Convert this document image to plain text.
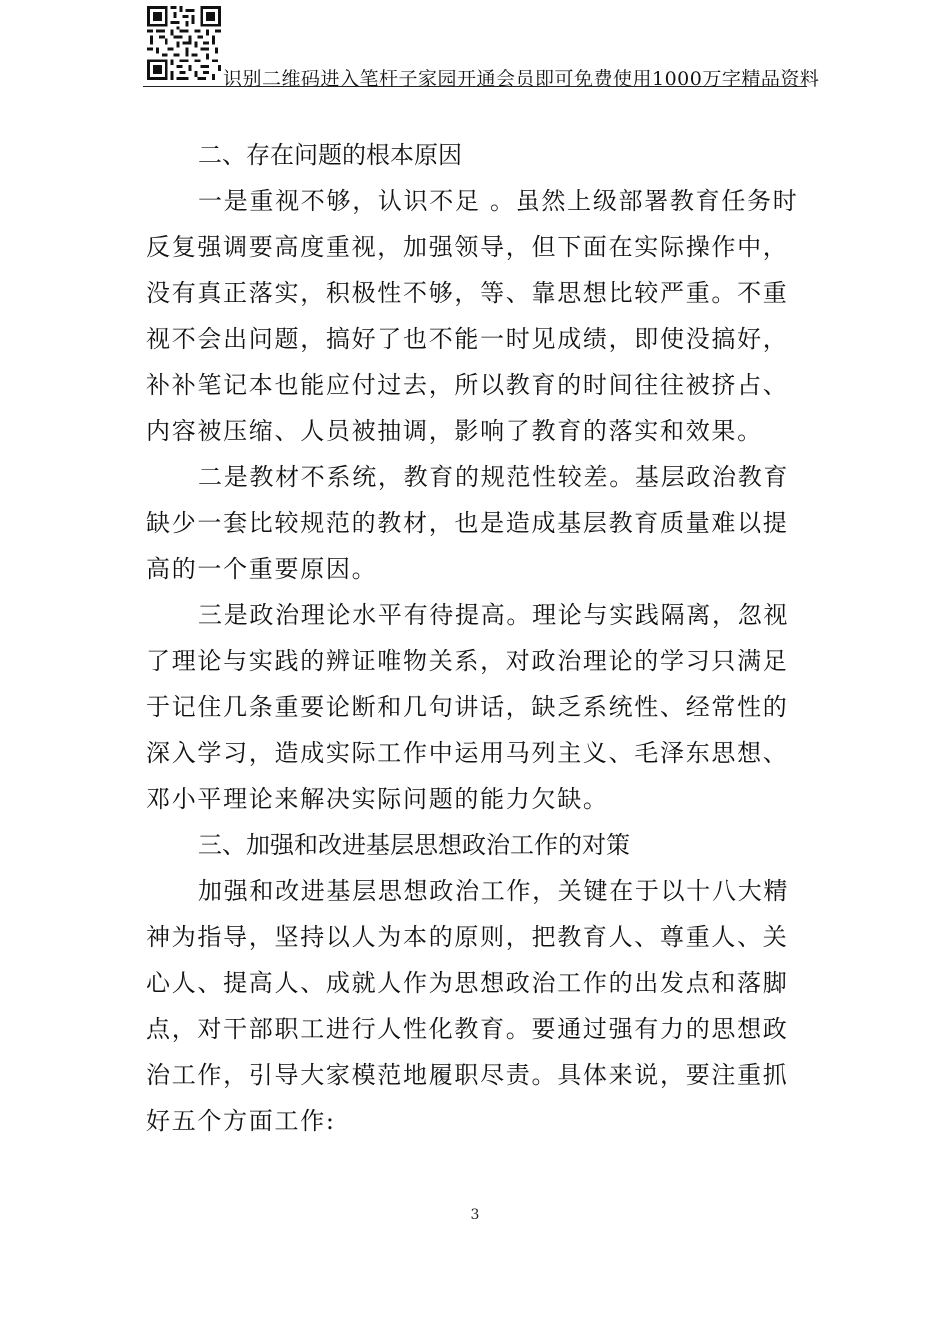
识别二维码进入笔杆子家园开通会员即可免费使用1000万字精品资料

二、存在问题的根本原因

一是重视不够，认识不足 。虽然上级部署教育任务时
反复强调要高度重视，加强领导，但下面在实际操作中，
没有真正落实，积极性不够，等、靠思想比较严重。不重
视不会出问题，搞好了也不能一时见成绩，即使没搞好，
补补笔记本也能应付过去，所以教育的时间往往被挤占、
内容被压缩、人员被抽调，影响了教育的落实和效果。

二是教材不系统，教育的规范性较差。基层政治教育
缺少一套比较规范的教材，也是造成基层教育质量难以提
高的一个重要原因。

三是政治理论水平有待提高。理论与实践隔离，忽视
了理论与实践的辨证唯物关系，对政治理论的学习只满足
于记住几条重要论断和几句讲话，缺乏系统性、经常性的
深入学习，造成实际工作中运用马列主义、毛泽东思想、
邓小平理论来解决实际问题的能力欠缺。

三、加强和改进基层思想政治工作的对策

加强和改进基层思想政治工作，关键在于以十八大精
神为指导，坚持以人为本的原则，把教育人、尊重人、关
心人、提高人、成就人作为思想政治工作的出发点和落脚
点，对干部职工进行人性化教育。要通过强有力的思想政
治工作，引导大家模范地履职尽责。具体来说，要注重抓
好五个方面工作:

3
